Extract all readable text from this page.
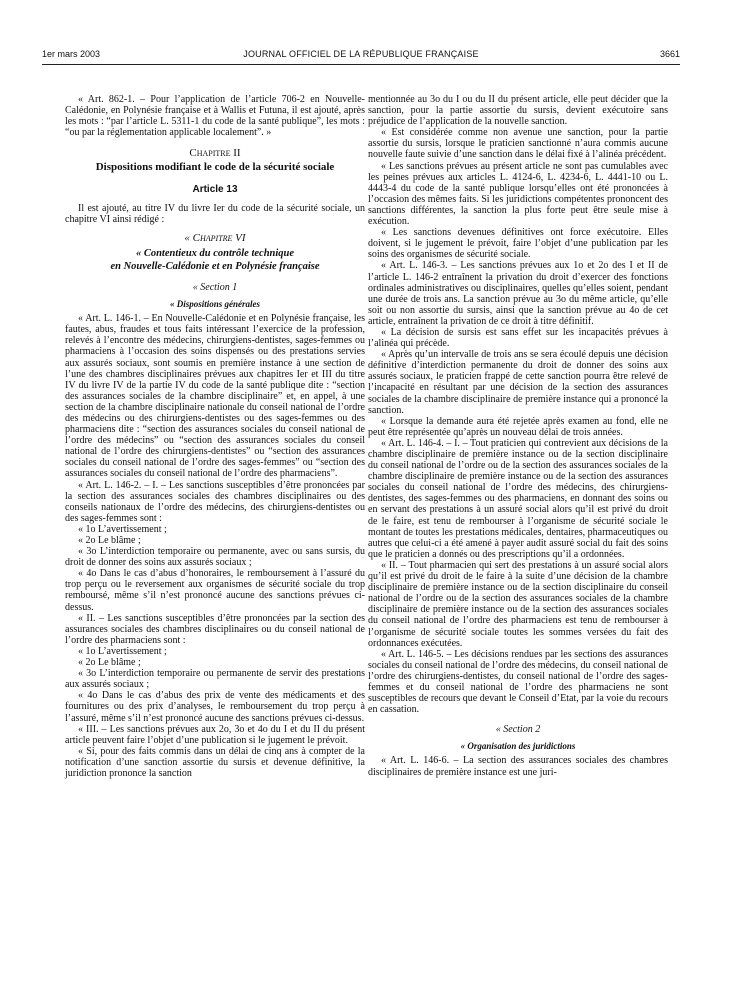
1er mars 2003	JOURNAL OFFICIEL DE LA RÉPUBLIQUE FRANÇAISE	3661

« Art. 862-1. – Pour l’application de l’article 706-2 en Nouvelle-Calédonie, en Polynésie française et à Wallis et Futuna, il est ajouté, après les mots : “par l’article L. 5311-1 du code de la santé publique”, les mots : “ou par la réglementation applicable localement”. »

Chapitre II

Dispositions modifiant le code de la sécurité sociale

Article 13

Il est ajouté, au titre IV du livre Ier du code de la sécurité sociale, un chapitre VI ainsi rédigé :

« Chapitre VI

« Contentieux du contrôle technique

en Nouvelle-Calédonie et en Polynésie française

« Section 1

« Dispositions générales

« Art. L. 146-1. – En Nouvelle-Calédonie et en Polynésie française, les fautes, abus, fraudes et tous faits intéressant l’exercice de la profession, relevés à l’encontre des médecins, chirurgiens-dentistes, sages-femmes ou pharmaciens à l’occasion des soins dispensés ou des prestations servies aux assurés sociaux, sont soumis en première instance à une section de l’une des chambres disciplinaires prévues aux chapitres Ier et III du titre IV du livre IV de la partie IV du code de la santé publique dite : “section des assurances sociales de la chambre disciplinaire” et, en appel, à une section de la chambre disciplinaire nationale du conseil national de l’ordre des médecins ou des chirurgiens-dentistes ou des sages-femmes ou des pharmaciens dite : “section des assurances sociales du conseil national de l’ordre des médecins” ou “section des assurances sociales du conseil national de l’ordre des chirurgiens-dentistes” ou “section des assurances sociales du conseil national de l’ordre des sages-femmes” ou “section des assurances sociales du conseil national de l’ordre des pharmaciens”.

« Art. L. 146-2. – I. – Les sanctions susceptibles d’être prononcées par la section des assurances sociales des chambres disciplinaires ou des conseils nationaux de l’ordre des médecins, des chirurgiens-dentistes ou des sages-femmes sont :

« 1o L’avertissement ;

« 2o Le blâme ;

« 3o L’interdiction temporaire ou permanente, avec ou sans sursis, du droit de donner des soins aux assurés sociaux ;

« 4o Dans le cas d’abus d’honoraires, le remboursement à l’assuré du trop perçu ou le reversement aux organismes de sécurité sociale du trop remboursé, même s’il n’est prononcé aucune des sanctions prévues ci-dessus.

« II. – Les sanctions susceptibles d’être prononcées par la section des assurances sociales des chambres disciplinaires ou du conseil national de l’ordre des pharmaciens sont :

« 1o L’avertissement ;

« 2o Le blâme ;

« 3o L’interdiction temporaire ou permanente de servir des prestations aux assurés sociaux ;

« 4o Dans le cas d’abus des prix de vente des médicaments et des fournitures ou des prix d’analyses, le remboursement du trop perçu à l’assuré, même s’il n’est prononcé aucune des sanctions prévues ci-dessus.

« III. – Les sanctions prévues aux 2o, 3o et 4o du I et du II du présent article peuvent faire l’objet d’une publication si le jugement le prévoit.

« Si, pour des faits commis dans un délai de cinq ans à compter de la notification d’une sanction assortie du sursis et devenue définitive, la juridiction prononce la sanction

mentionnée au 3o du I ou du II du présent article, elle peut décider que la sanction, pour la partie assortie du sursis, devient exécutoire sans préjudice de l’application de la nouvelle sanction.

« Est considérée comme non avenue une sanction, pour la partie assortie du sursis, lorsque le praticien sanctionné n’aura commis aucune nouvelle faute suivie d’une sanction dans le délai fixé à l’alinéa précédent.

« Les sanctions prévues au présent article ne sont pas cumulables avec les peines prévues aux articles L. 4124-6, L. 4234-6, L. 4441-10 ou L. 4443-4 du code de la santé publique lorsqu’elles ont été prononcées à l’occasion des mêmes faits. Si les juridictions compétentes prononcent des sanctions différentes, la sanction la plus forte peut être seule mise à exécution.

« Les sanctions devenues définitives ont force exécutoire. Elles doivent, si le jugement le prévoit, faire l’objet d’une publication par les soins des organismes de sécurité sociale.

« Art. L. 146-3. – Les sanctions prévues aux 1o et 2o des I et II de l’article L. 146-2 entraînent la privation du droit d’exercer des fonctions ordinales administratives ou disciplinaires, quelles qu’elles soient, pendant une durée de trois ans. La sanction prévue au 3o du même article, qu’elle soit ou non assortie du sursis, ainsi que la sanction prévue au 4o de cet article, entraînent la privation de ce droit à titre définitif.

« La décision de sursis est sans effet sur les incapacités prévues à l’alinéa qui précède.

« Après qu’un intervalle de trois ans se sera écoulé depuis une décision définitive d’interdiction permanente du droit de donner des soins aux assurés sociaux, le praticien frappé de cette sanction pourra être relevé de l’incapacité en résultant par une décision de la section des assurances sociales de la chambre disciplinaire de première instance qui a prononcé la sanction.

« Lorsque la demande aura été rejetée après examen au fond, elle ne peut être représentée qu’après un nouveau délai de trois années.

« Art. L. 146-4. – I. – Tout praticien qui contrevient aux décisions de la chambre disciplinaire de première instance ou de la section disciplinaire du conseil national de l’ordre ou de la section des assurances sociales de la chambre disciplinaire de première instance ou de la section des assurances sociales du conseil national de l’ordre des médecins, des chirurgiens-dentistes, des sages-femmes ou des pharmaciens, en donnant des soins ou en servant des prestations à un assuré social alors qu’il est privé du droit de le faire, est tenu de rembourser à l’organisme de sécurité sociale le montant de toutes les prestations médicales, dentaires, pharmaceutiques ou autres que celui-ci a été amené à payer audit assuré social du fait des soins que le praticien a donnés ou des prescriptions qu’il a ordonnées.

« II. – Tout pharmacien qui sert des prestations à un assuré social alors qu’il est privé du droit de le faire à la suite d’une décision de la chambre disciplinaire de première instance ou de la section disciplinaire du conseil national de l’ordre ou de la section des assurances sociales de la chambre disciplinaire de première instance ou de la section des assurances sociales du conseil national de l’ordre des pharmaciens est tenu de rembourser à l’organisme de sécurité sociale toutes les sommes versées du fait des ordonnances exécutées.

« Art. L. 146-5. – Les décisions rendues par les sections des assurances sociales du conseil national de l’ordre des médecins, du conseil national de l’ordre des chirurgiens-dentistes, du conseil national de l’ordre des sages-femmes et du conseil national de l’ordre des pharmaciens ne sont susceptibles de recours que devant le Conseil d’Etat, par la voie du recours en cassation.

« Section 2

« Organisation des juridictions

« Art. L. 146-6. – La section des assurances sociales des chambres disciplinaires de première instance est une juri-
